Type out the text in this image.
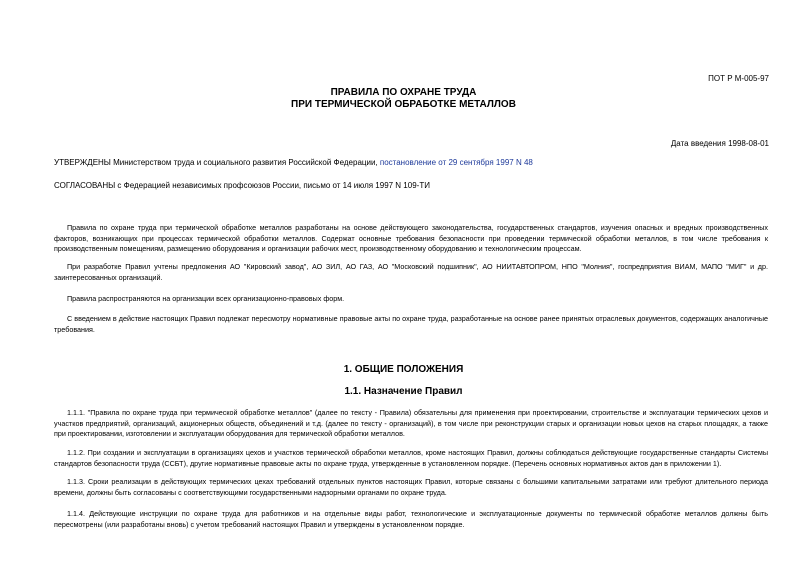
ПОТ Р М-005-97
ПРАВИЛА ПО ОХРАНЕ ТРУДА
ПРИ ТЕРМИЧЕСКОЙ ОБРАБОТКЕ МЕТАЛЛОВ
Дата введения 1998-08-01
УТВЕРЖДЕНЫ Министерством труда и социального развития Российской Федерации, постановление от 29 сентября 1997 N 48
СОГЛАСОВАНЫ с Федерацией независимых профсоюзов России, письмо от 14 июля 1997 N 109-ТИ

Правила по охране труда при термической обработке металлов разработаны на основе действующего законодательства, государственных стандартов, изучения опасных и вредных производственных факторов, возникающих при процессах термической обработки металлов. Содержат основные требования безопасности при проведении термической обработки металлов, в том числе требования к производственным помещениям, размещению оборудования и организации рабочих мест, производственному оборудованию и технологическим процессам.

При разработке Правил учтены предложения АО "Кировский завод", АО ЗИЛ, АО ГАЗ, АО "Московский подшипник", АО НИИТАВТОПРОМ, НПО "Молния", госпредприятия ВИАМ, МАПО "МИГ" и др. заинтересованных организаций.

Правила распространяются на организации всех организационно-правовых форм.

С введением в действие настоящих Правил подлежат пересмотру нормативные правовые акты по охране труда, разработанные на основе ранее принятых отраслевых документов, содержащих аналогичные требования.

1. ОБЩИЕ ПОЛОЖЕНИЯ
1.1. Назначение Правил

1.1.1. "Правила по охране труда при термической обработке металлов" (далее по тексту - Правила) обязательны для применения при проектировании, строительстве и эксплуатации термических цехов и участков предприятий, организаций, акционерных обществ, объединений и т.д. (далее по тексту - организаций), в том числе при реконструкции старых и организации новых цехов на старых площадях, а также при проектировании, изготовлении и эксплуатации оборудования для термической обработки металлов.

1.1.2. При создании и эксплуатации в организациях цехов и участков термической обработки металлов, кроме настоящих Правил, должны соблюдаться действующие государственные стандарты Системы стандартов безопасности труда (ССБТ), другие нормативные правовые акты по охране труда, утвержденные в установленном порядке. (Перечень основных нормативных актов дан в приложении 1).

1.1.3. Сроки реализации в действующих термических цехах требований отдельных пунктов настоящих Правил, которые связаны с большими капитальными затратами или требуют длительного периода времени, должны быть согласованы с соответствующими государственными надзорными органами по охране труда.

1.1.4. Действующие инструкции по охране труда для работников и на отдельные виды работ, технологические и эксплуатационные документы по термической обработке металлов должны быть пересмотрены (или разработаны вновь) с учетом требований настоящих Правил и утверждены в установленном порядке.
